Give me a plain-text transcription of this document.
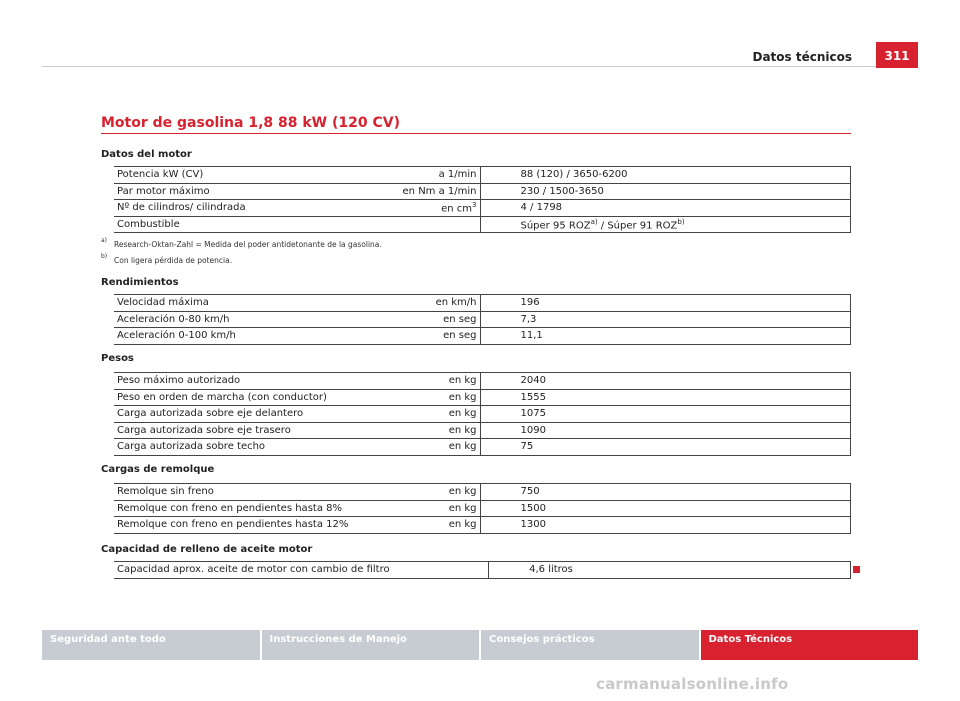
Datos técnicos	311
Motor de gasolina 1,8 88 kW (120 CV)
Datos del motor
Potencia kW (CV)	a 1/min	88 (120) / 3650-6200
Par motor máximo	en Nm a 1/min	230 / 1500-3650
Nº de cilindros/ cilindrada	en $cm^3$	4 / 1798
Combustible		Súper 95 ROZ$^{a)}$ / Súper 91 ROZ$^{b)}$
a) Research-Oktan-Zahl = Medida del poder antidetonante de la gasolina.
b) Con ligera pérdida de potencia.
Rendimientos
Velocidad máxima	en km/h	196
Aceleración 0-80 km/h	en seg	7,3
Aceleración 0-100 km/h	en seg	11,1
Pesos
Peso máximo autorizado	en kg	2040
Peso en orden de marcha (con conductor)	en kg	1555
Carga autorizada sobre eje delantero	en kg	1075
Carga autorizada sobre eje trasero	en kg	1090
Carga autorizada sobre techo	en kg	75
Cargas de remolque
Remolque sin freno	en kg	750
Remolque con freno en pendientes hasta 8%	en kg	1500
Remolque con freno en pendientes hasta 12%	en kg	1300
Capacidad de relleno de aceite motor
Capacidad aprox. aceite de motor con cambio de filtro		4,6 litros
Seguridad ante todo	Instrucciones de Manejo	Consejos prácticos	Datos Técnicos
carmanualsonline.info
